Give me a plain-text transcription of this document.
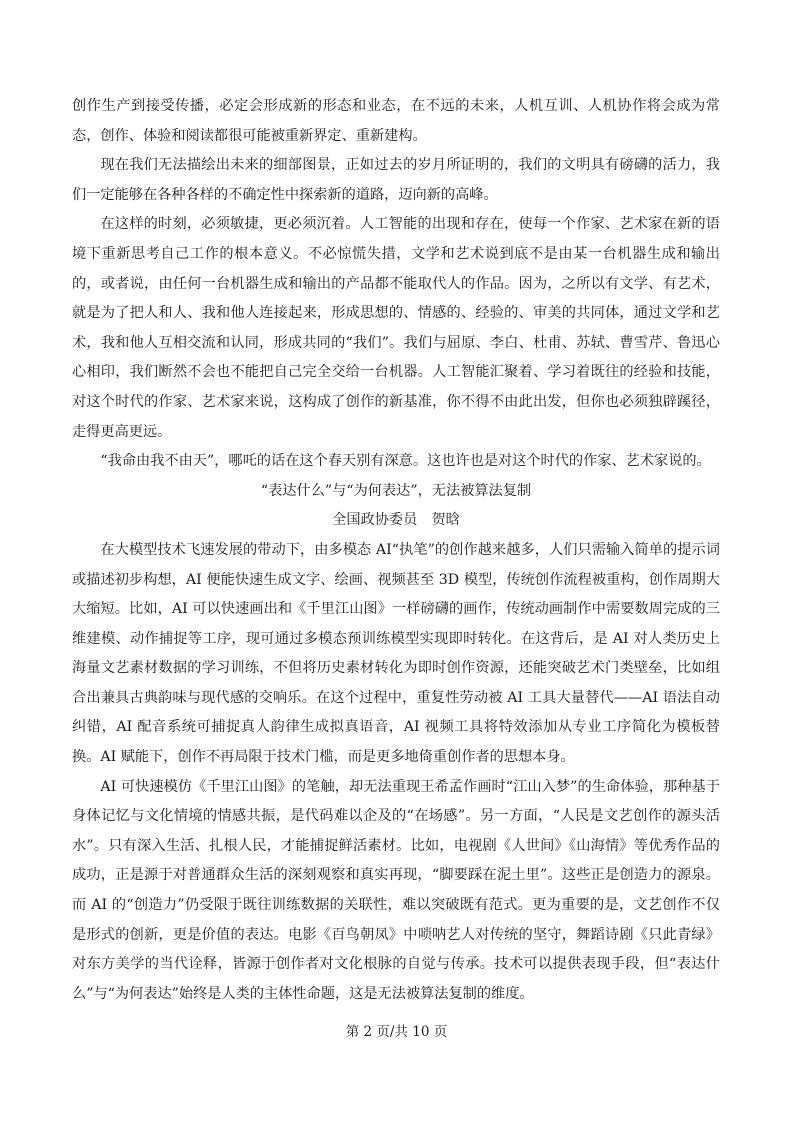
创作生产到接受传播，必定会形成新的形态和业态，在不远的未来，人机互训、人机协作将会成为常态，创作、体验和阅读都很可能被重新界定、重新建构。

现在我们无法描绘出未来的细部图景，正如过去的岁月所证明的，我们的文明具有磅礴的活力，我们一定能够在各种各样的不确定性中探索新的道路，迈向新的高峰。

在这样的时刻，必须敏捷，更必须沉着。人工智能的出现和存在，使每一个作家、艺术家在新的语境下重新思考自己工作的根本意义。不必惊慌失措，文学和艺术说到底不是由某一台机器生成和输出的，或者说，由任何一台机器生成和输出的产品都不能取代人的作品。因为，之所以有文学、有艺术，就是为了把人和人、我和他人连接起来，形成思想的、情感的、经验的、审美的共同体，通过文学和艺术，我和他人互相交流和认同，形成共同的“我们”。我们与屈原、李白、杜甫、苏轼、曹雪芹、鲁迅心心相印，我们断然不会也不能把自己完全交给一台机器。人工智能汇聚着、学习着既往的经验和技能，对这个时代的作家、艺术家来说，这构成了创作的新基准，你不得不由此出发，但你也必须独辟蹊径，走得更高更远。

“我命由我不由天”，哪吒的话在这个春天别有深意。这也许也是对这个时代的作家、艺术家说的。

“表达什么”与“为何表达”，无法被算法复制

全国政协委员　贺晗

在大模型技术飞速发展的带动下，由多模态 AI“执笔”的创作越来越多，人们只需输入简单的提示词或描述初步构想，AI 便能快速生成文字、绘画、视频甚至 3D 模型，传统创作流程被重构，创作周期大大缩短。比如，AI 可以快速画出和《千里江山图》一样磅礴的画作，传统动画制作中需要数周完成的三维建模、动作捕捉等工序，现可通过多模态预训练模型实现即时转化。在这背后，是 AI 对人类历史上海量文艺素材数据的学习训练，不但将历史素材转化为即时创作资源，还能突破艺术门类壁垒，比如组合出兼具古典韵味与现代感的交响乐。在这个过程中，重复性劳动被 AI 工具大量替代——AI 语法自动纠错，AI 配音系统可捕捉真人韵律生成拟真语音，AI 视频工具将特效添加从专业工序简化为模板替换。AI 赋能下，创作不再局限于技术门槛，而是更多地倚重创作者的思想本身。

AI 可快速模仿《千里江山图》的笔触，却无法重现王希孟作画时“江山入梦”的生命体验，那种基于身体记忆与文化情境的情感共振，是代码难以企及的“在场感”。另一方面，“人民是文艺创作的源头活水”。只有深入生活、扎根人民，才能捕捉鲜活素材。比如，电视剧《人世间》《山海情》等优秀作品的成功，正是源于对普通群众生活的深刻观察和真实再现，“脚要踩在泥土里”。这些正是创造力的源泉。而 AI 的“创造力”仍受限于既往训练数据的关联性，难以突破既有范式。更为重要的是，文艺创作不仅是形式的创新，更是价值的表达。电影《百鸟朝凤》中唢呐艺人对传统的坚守，舞蹈诗剧《只此青绿》对东方美学的当代诠释，皆源于创作者对文化根脉的自觉与传承。技术可以提供表现手段，但“表达什么”与“为何表达”始终是人类的主体性命题，这是无法被算法复制的维度。

第 2 页/共 10 页
